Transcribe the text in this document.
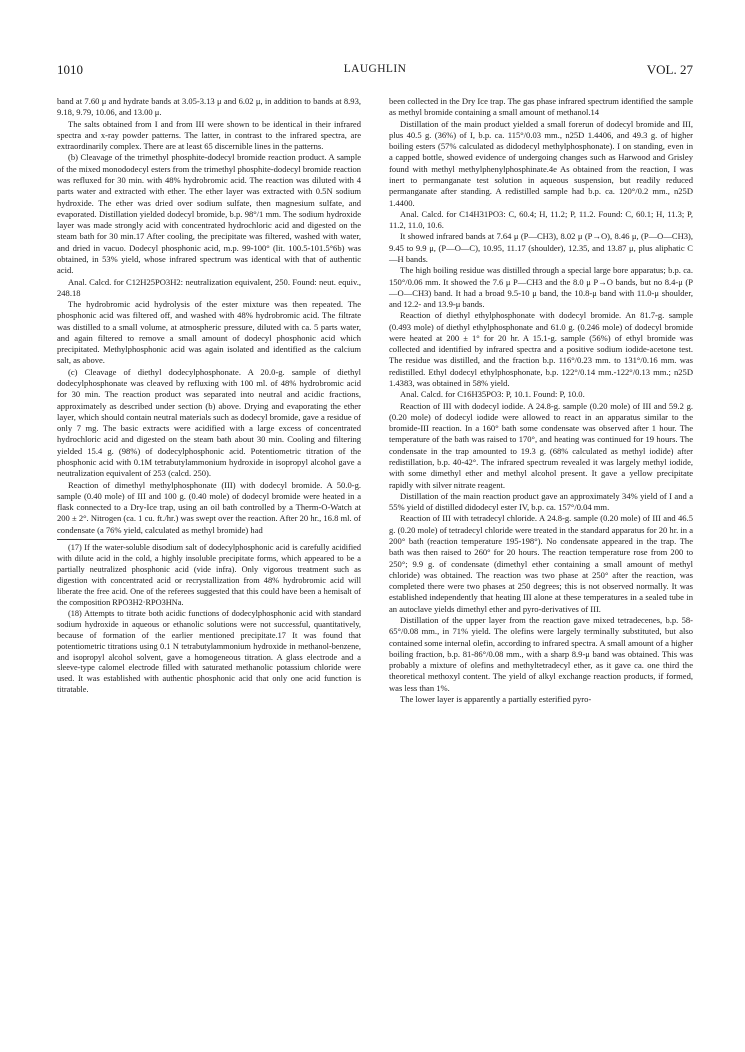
1010	LAUGHLIN	VOL. 27

band at 7.60 μ and hydrate bands at 3.05-3.13 μ and 6.02 μ, in addition to bands at 8.93, 9.18, 9.79, 10.06, and 13.00 μ.

The salts obtained from I and from III were shown to be identical in their infrared spectra and x-ray powder patterns. The latter, in contrast to the infrared spectra, are extraordinarily complex. There are at least 65 discernible lines in the patterns.

(b) Cleavage of the trimethyl phosphite-dodecyl bromide reaction product. A sample of the mixed monododecyl esters from the trimethyl phosphite-dodecyl bromide reaction was refluxed for 30 min. with 48% hydrobromic acid. The reaction was diluted with 4 parts water and extracted with ether. The ether layer was extracted with 0.5N sodium hydroxide. The ether was dried over sodium sulfate, then magnesium sulfate, and evaporated. Distillation yielded dodecyl bromide, b.p. 98°/1 mm. The sodium hydroxide layer was made strongly acid with concentrated hydrochloric acid and digested on the steam bath for 30 min.17 After cooling, the precipitate was filtered, washed with water, and dried in vacuo. Dodecyl phosphonic acid, m.p. 99-100° (lit. 100.5-101.5°6b) was obtained, in 53% yield, whose infrared spectrum was identical with that of authentic acid.

Anal. Calcd. for C12H25PO3H2: neutralization equivalent, 250. Found: neut. equiv., 248.18

The hydrobromic acid hydrolysis of the ester mixture was then repeated. The phosphonic acid was filtered off, and washed with 48% hydrobromic acid. The filtrate was distilled to a small volume, at atmospheric pressure, diluted with ca. 5 parts water, and again filtered to remove a small amount of dodecyl phosphonic acid which precipitated. Methylphosphonic acid was again isolated and identified as the calcium salt, as above.

(c) Cleavage of diethyl dodecylphosphonate. A 20.0-g. sample of diethyl dodecylphosphonate was cleaved by refluxing with 100 ml. of 48% hydrobromic acid for 30 min. The reaction product was separated into neutral and acidic fractions, approximately as described under section (b) above. Drying and evaporating the ether layer, which should contain neutral materials such as dodecyl bromide, gave a residue of only 7 mg. The basic extracts were acidified with a large excess of concentrated hydrochloric acid and digested on the steam bath about 30 min. Cooling and filtering yielded 15.4 g. (98%) of dodecylphosphonic acid. Potentiometric titration of the phosphonic acid with 0.1M tetrabutylammonium hydroxide in isopropyl alcohol gave a neutralization equivalent of 253 (calcd. 250).

Reaction of dimethyl methylphosphonate (III) with dodecyl bromide. A 50.0-g. sample (0.40 mole) of III and 100 g. (0.40 mole) of dodecyl bromide were heated in a flask connected to a Dry-Ice trap, using an oil bath controlled by a Therm-O-Watch at 200 ± 2°. Nitrogen (ca. 1 cu. ft./hr.) was swept over the reaction. After 20 hr., 16.8 ml. of condensate (a 76% yield, calculated as methyl bromide) had

(17) If the water-soluble disodium salt of dodecylphosphonic acid is carefully acidified with dilute acid in the cold, a highly insoluble precipitate forms, which appeared to be a partially neutralized phosphonic acid (vide infra). Only vigorous treatment such as digestion with concentrated acid or recrystallization from 48% hydrobromic acid will liberate the free acid. One of the referees suggested that this could have been a hemisalt of the composition RPO3H2·RPO3HNa.

(18) Attempts to titrate both acidic functions of dodecylphosphonic acid with standard sodium hydroxide in aqueous or ethanolic solutions were not successful, quantitatively, because of formation of the earlier mentioned precipitate.17 It was found that potentiometric titrations using 0.1 N tetrabutylammonium hydroxide in methanol-benzene, and isopropyl alcohol solvent, gave a homogeneous titration. A glass electrode and a sleeve-type calomel electrode filled with saturated methanolic potassium chloride were used. It was established with authentic phosphonic acid that only one acid function is titratable.

been collected in the Dry Ice trap. The gas phase infrared spectrum identified the sample as methyl bromide containing a small amount of methanol.14

Distillation of the main product yielded a small forerun of dodecyl bromide and III, plus 40.5 g. (36%) of I, b.p. ca. 115°/0.03 mm., n25D 1.4406, and 49.3 g. of higher boiling esters (57% calculated as didodecyl methylphosphonate). I on standing, even in a capped bottle, showed evidence of undergoing changes such as Harwood and Grisley found with methyl methylphenylphosphinate.4e As obtained from the reaction, I was inert to permanganate test solution in aqueous suspension, but readily reduced permanganate after standing. A redistilled sample had b.p. ca. 120°/0.2 mm., n25D 1.4400.

Anal. Calcd. for C14H31PO3: C, 60.4; H, 11.2; P, 11.2. Found: C, 60.1; H, 11.3; P, 11.2, 11.0, 10.6.

It showed infrared bands at 7.64 μ (P—CH3), 8.02 μ (P→O), 8.46 μ, (P—O—CH3), 9.45 to 9.9 μ, (P—O—C), 10.95, 11.17 (shoulder), 12.35, and 13.87 μ, plus aliphatic C—H bands.

The high boiling residue was distilled through a special large bore apparatus; b.p. ca. 150°/0.06 mm. It showed the 7.6 μ P—CH3 and the 8.0 μ P→O bands, but no 8.4-μ (P—O—CH3) band. It had a broad 9.5-10 μ band, the 10.8-μ band with 11.0-μ shoulder, and 12.2- and 13.9-μ bands.

Reaction of diethyl ethylphosphonate with dodecyl bromide. An 81.7-g. sample (0.493 mole) of diethyl ethylphosphonate and 61.0 g. (0.246 mole) of dodecyl bromide were heated at 200 ± 1° for 20 hr. A 15.1-g. sample (56%) of ethyl bromide was collected and identified by infrared spectra and a positive sodium iodide-acetone test. The residue was distilled, and the fraction b.p. 116°/0.23 mm. to 131°/0.16 mm. was redistilled. Ethyl dodecyl ethylphosphonate, b.p. 122°/0.14 mm.-122°/0.13 mm.; n25D 1.4383, was obtained in 58% yield.

Anal. Calcd. for C16H35PO3: P, 10.1. Found: P, 10.0.

Reaction of III with dodecyl iodide. A 24.8-g. sample (0.20 mole) of III and 59.2 g. (0.20 mole) of dodecyl iodide were allowed to react in an apparatus similar to the bromide-III reaction. In a 160° bath some condensate was observed after 1 hour. The temperature of the bath was raised to 170°, and heating was continued for 19 hours. The condensate in the trap amounted to 19.3 g. (68% calculated as methyl iodide) after redistillation, b.p. 40-42°. The infrared spectrum revealed it was largely methyl iodide, with some dimethyl ether and methyl alcohol present. It gave a yellow precipitate rapidly with silver nitrate reagent.

Distillation of the main reaction product gave an approximately 34% yield of I and a 55% yield of distilled didodecyl ester IV, b.p. ca. 157°/0.04 mm.

Reaction of III with tetradecyl chloride. A 24.8-g. sample (0.20 mole) of III and 46.5 g. (0.20 mole) of tetradecyl chloride were treated in the standard apparatus for 20 hr. in a 200° bath (reaction temperature 195-198°). No condensate appeared in the trap. The bath was then raised to 260° for 20 hours. The reaction temperature rose from 200 to 250°; 9.9 g. of condensate (dimethyl ether containing a small amount of methyl chloride) was obtained. The reaction was two phase at 250° after the reaction, was completed there were two phases at 250 degrees; this is not observed normally. It was established independently that heating III alone at these temperatures in a sealed tube in an autoclave yields dimethyl ether and pyro-derivatives of III.

Distillation of the upper layer from the reaction gave mixed tetradecenes, b.p. 58-65°/0.08 mm., in 71% yield. The olefins were largely terminally substituted, but also contained some internal olefin, according to infrared spectra. A small amount of a higher boiling fraction, b.p. 81-86°/0.08 mm., with a sharp 8.9-μ band was obtained. This was probably a mixture of olefins and methyltetradecyl ether, as it gave ca. one third the theoretical methoxyl content. The yield of alkyl exchange reaction products, if formed, was less than 1%.

The lower layer is apparently a partially esterified pyro-
